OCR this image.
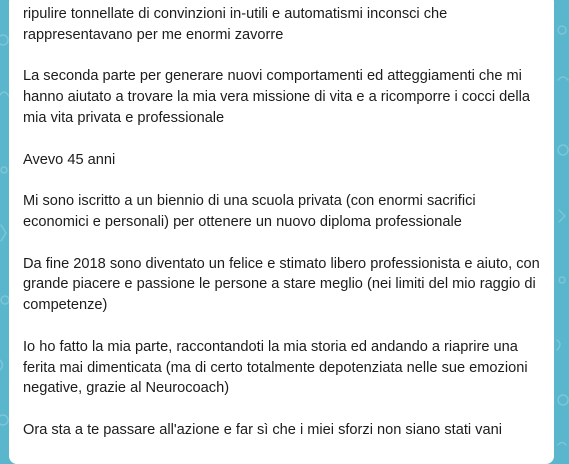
ripulire tonnellate di convinzioni in-utili e automatismi inconsci che rappresentavano per me enormi zavorre

La seconda parte per generare nuovi comportamenti ed atteggiamenti che mi hanno aiutato a trovare la mia vera missione di vita e a ricomporre i cocci della mia vita privata e professionale

Avevo 45 anni

Mi sono iscritto a un biennio di una scuola privata (con enormi sacrifici economici e personali) per ottenere un nuovo diploma professionale

Da fine 2018 sono diventato un felice e stimato libero professionista e aiuto, con grande piacere e passione le persone a stare meglio (nei limiti del mio raggio di competenze)

Io ho fatto la mia parte, raccontandoti la mia storia ed andando a riaprire una ferita mai dimenticata (ma di certo totalmente depotenziata nelle sue emozioni negative, grazie al Neurocoach)

Ora sta a te passare all'azione e far sì che i miei sforzi non siano stati vani
